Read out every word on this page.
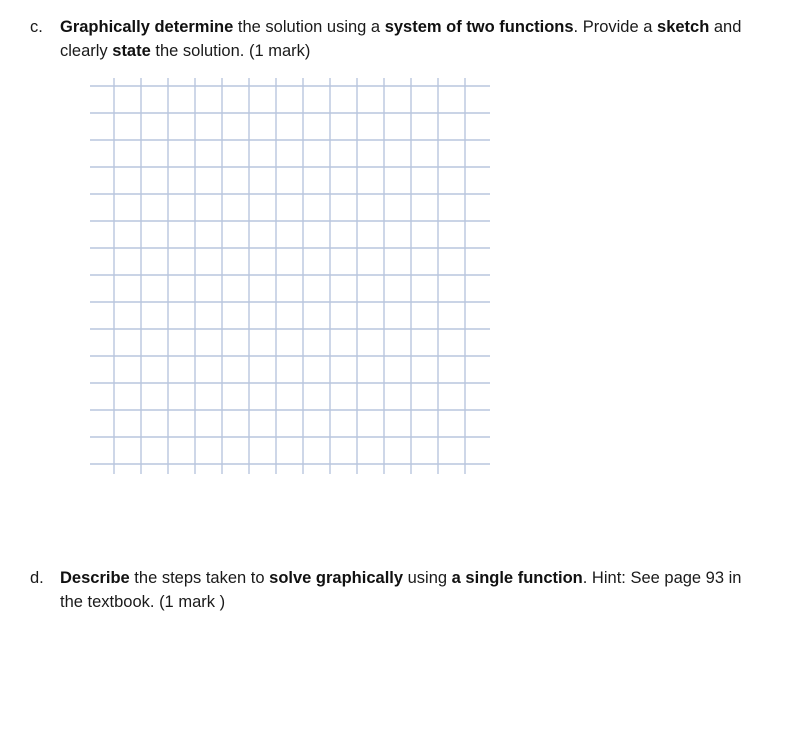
c. Graphically determine the solution using a system of two functions. Provide a sketch and clearly state the solution. (1 mark)
d. Describe the steps taken to solve graphically using a single function. Hint: See page 93 in the textbook. (1 mark )
